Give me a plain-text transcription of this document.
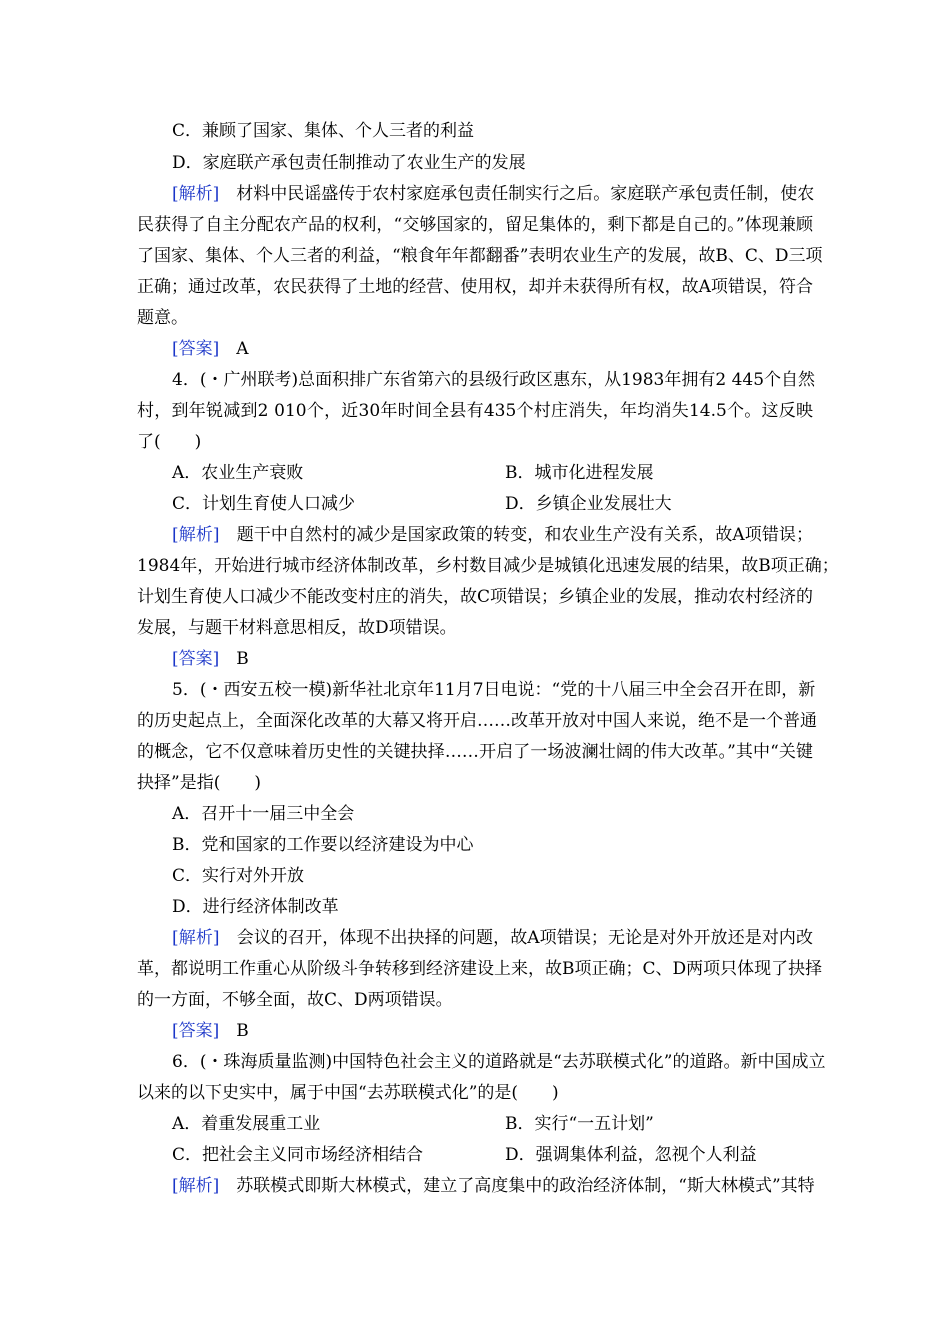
C．兼顾了国家、集体、个人三者的利益
D．家庭联产承包责任制推动了农业生产的发展
[解析]　 材料中民谣盛传于农村家庭承包责任制实行之后。家庭联产承包责任制，使农
民获得了自主分配农产品的权利，“交够国家的，留足集体的，剩下都是自己的。”体现兼顾
了国家、集体、个人三者的利益，“粮食年年都翻番”表明农业生产的发展，故B、C、D三项
正确；通过改革，农民获得了土地的经营、使用权，却并未获得所有权，故A项错误，符合
题意。
[答案]　 A
4．(・广州联考)总面积排广东省第六的县级行政区惠东，从1983年拥有2 445个自然
村，到年锐减到2 010个，近30年时间全县有435个村庄消失，年均消失14.5个。这反映
了(　　)
A．农业生产衰败	B．城市化进程发展
C．计划生育使人口减少	D．乡镇企业发展壮大
[解析]　 题干中自然村的减少是国家政策的转变，和农业生产没有关系，故A项错误；
1984年，开始进行城市经济体制改革，乡村数目减少是城镇化迅速发展的结果，故B项正确；
计划生育使人口减少不能改变村庄的消失，故C项错误；乡镇企业的发展，推动农村经济的
发展，与题干材料意思相反，故D项错误。
[答案]　 B
5．(・西安五校一模)新华社北京年11月7日电说：“党的十八届三中全会召开在即，新
的历史起点上，全面深化改革的大幕又将开启……改革开放对中国人来说，绝不是一个普通
的概念，它不仅意味着历史性的关键抉择……开启了一场波澜壮阔的伟大改革。”其中“关键
抉择”是指(　　)
A．召开十一届三中全会
B．党和国家的工作要以经济建设为中心
C．实行对外开放
D．进行经济体制改革
[解析]　 会议的召开，体现不出抉择的问题，故A项错误；无论是对外开放还是对内改
革，都说明工作重心从阶级斗争转移到经济建设上来，故B项正确；C、D两项只体现了抉择
的一方面，不够全面，故C、D两项错误。
[答案]　 B
6．(・珠海质量监测)中国特色社会主义的道路就是“去苏联模式化”的道路。新中国成立
以来的以下史实中，属于中国“去苏联模式化”的是(　　)
A．着重发展重工业	B．实行“一五计划”
C．把社会主义同市场经济相结合	D．强调集体利益，忽视个人利益
[解析]　 苏联模式即斯大林模式，建立了高度集中的政治经济体制，“斯大林模式”其特
